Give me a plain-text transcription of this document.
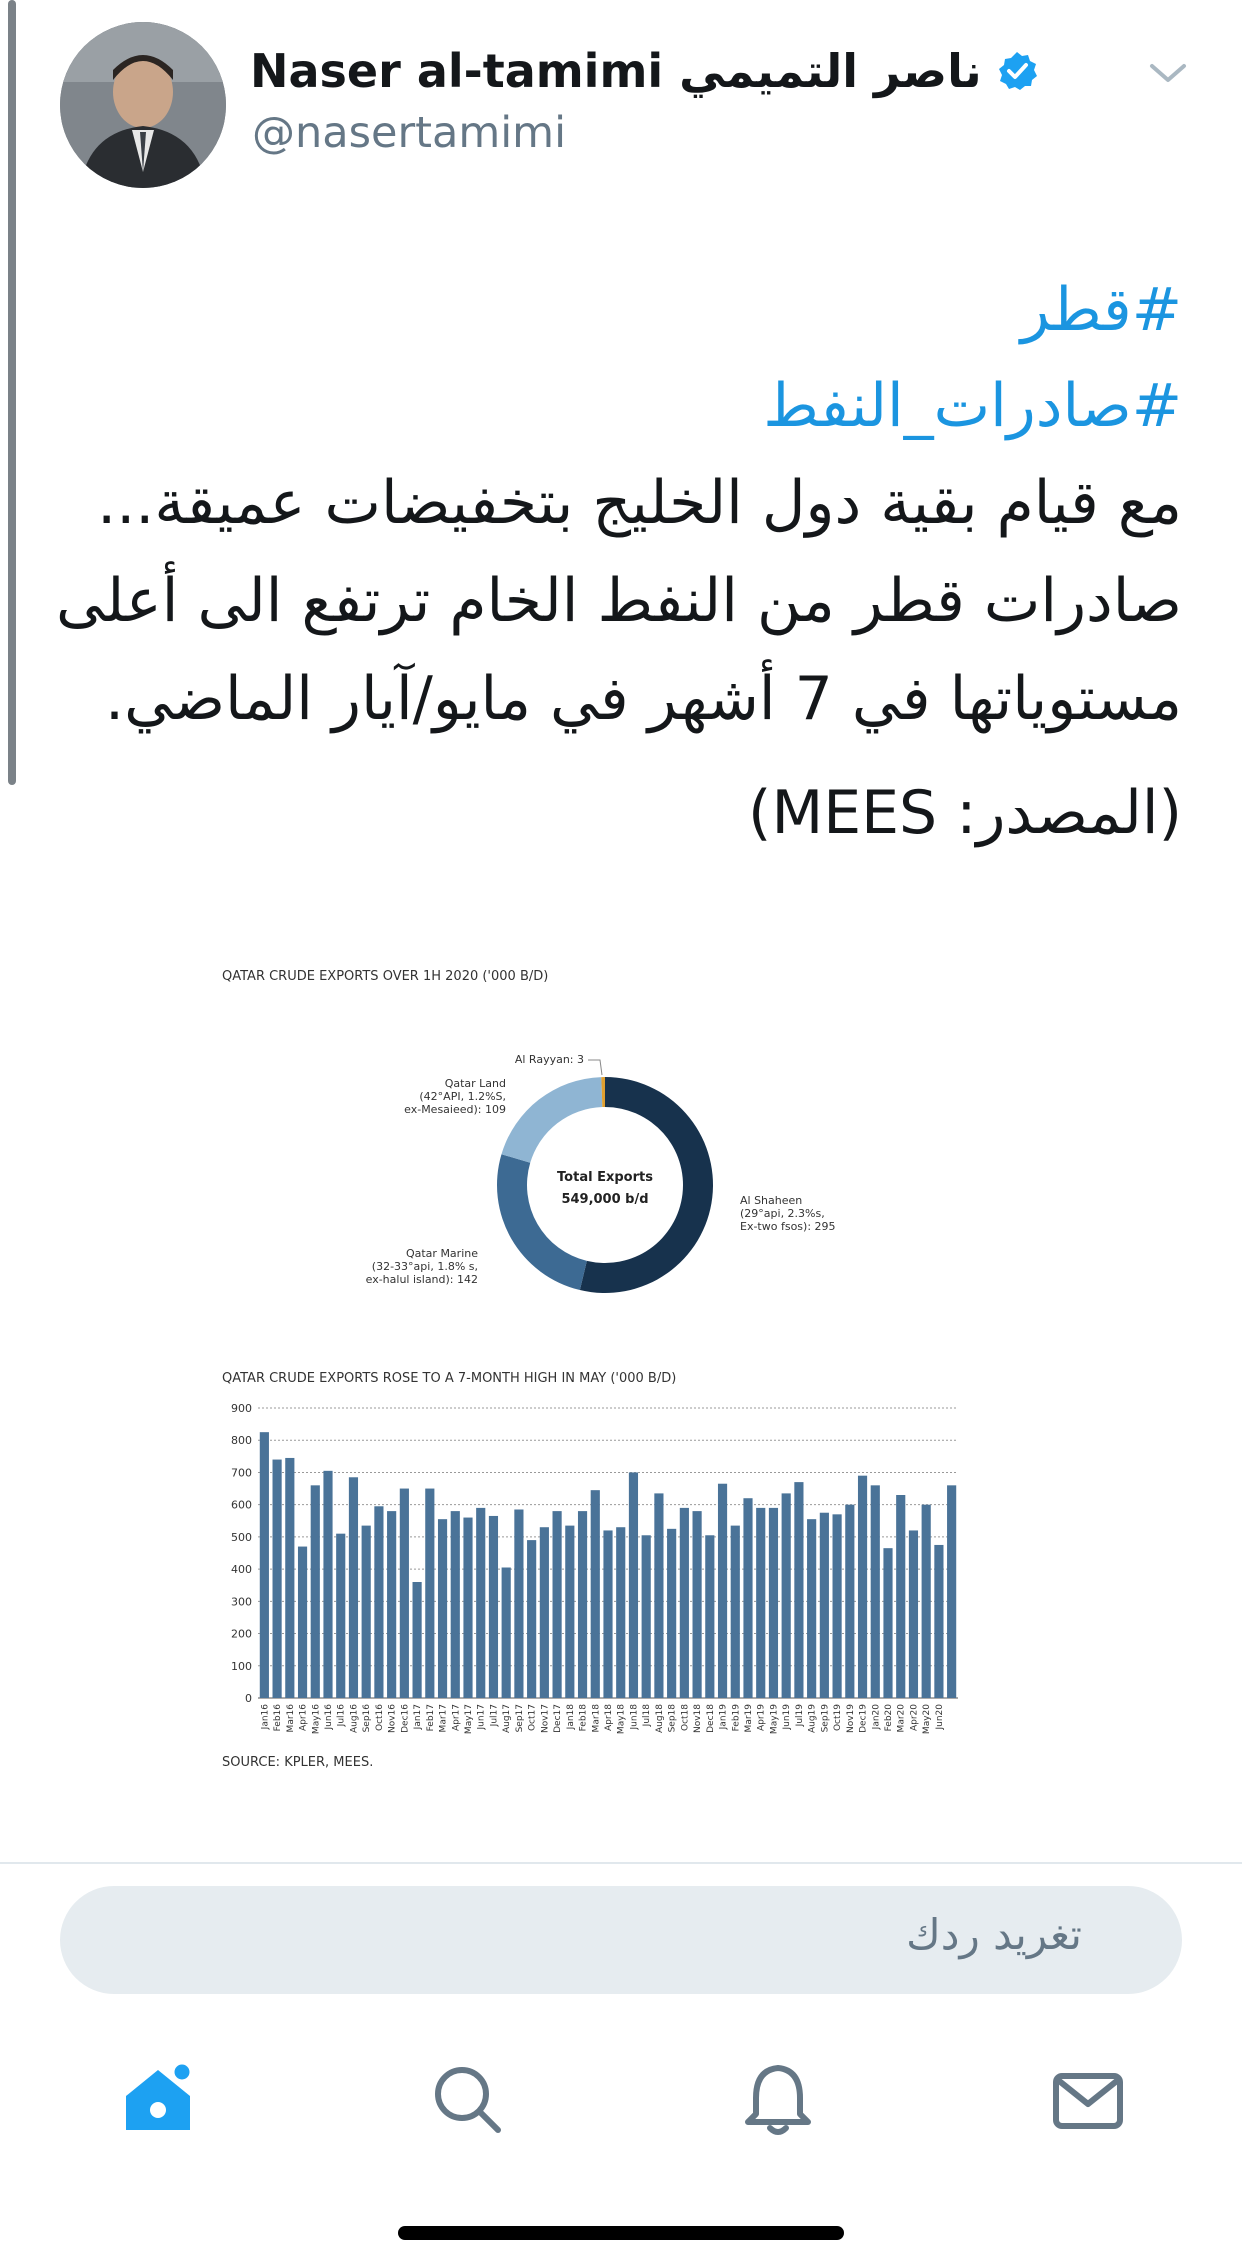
Naser al-tamimi ناصر التميمي
@nasertamimi
#قطر
#صادرات_النفط
مع قيام بقية دول الخليج بتخفيضات عميقة...
صادرات قطر من النفط الخام ترتفع الى أعلى
مستوياتها في 7 أشهر في مايو/آيار الماضي.
(المصدر: MEES)
QATAR CRUDE EXPORTS OVER 1H 2020 ('000 B/D)
Total Exports
549,000 b/d	Al Shaheen (29°api, 2.3%s, Ex-two fsos): 295
Qatar Marine (32-33°api, 1.8% s, ex-halul island): 142
Qatar Land (42°API, 1.2%S, ex-Mesaieed): 109
Al Rayyan: 3
QATAR CRUDE EXPORTS ROSE TO A 7-MONTH HIGH IN MAY ('000 B/D)
0
100
200
300
400
500
600
700
800
900
Jan16 Feb16 Mar16 Apr16 May16 Jun16 Jul16 Aug16 Sep16 Oct16 Nov16 Dec16 Jan17 Feb17 Mar17 Apr17 May17 Jun17 Jul17 Aug17 Sep17 Oct17 Nov17 Dec17 Jan18 Feb18 Mar18 Apr18 May18 Jun18 Jul18 Aug18 Sep18 Oct18 Nov18 Dec18 Jan19 Feb19 Mar19 Apr19 May19 Jun19 Jul19 Aug19 Sep19 Oct19 Nov19 Dec19 Jan20 Feb20 Mar20 Apr20 May20 Jun20
SOURCE: KPLER, MEES.
تغريد ردك
